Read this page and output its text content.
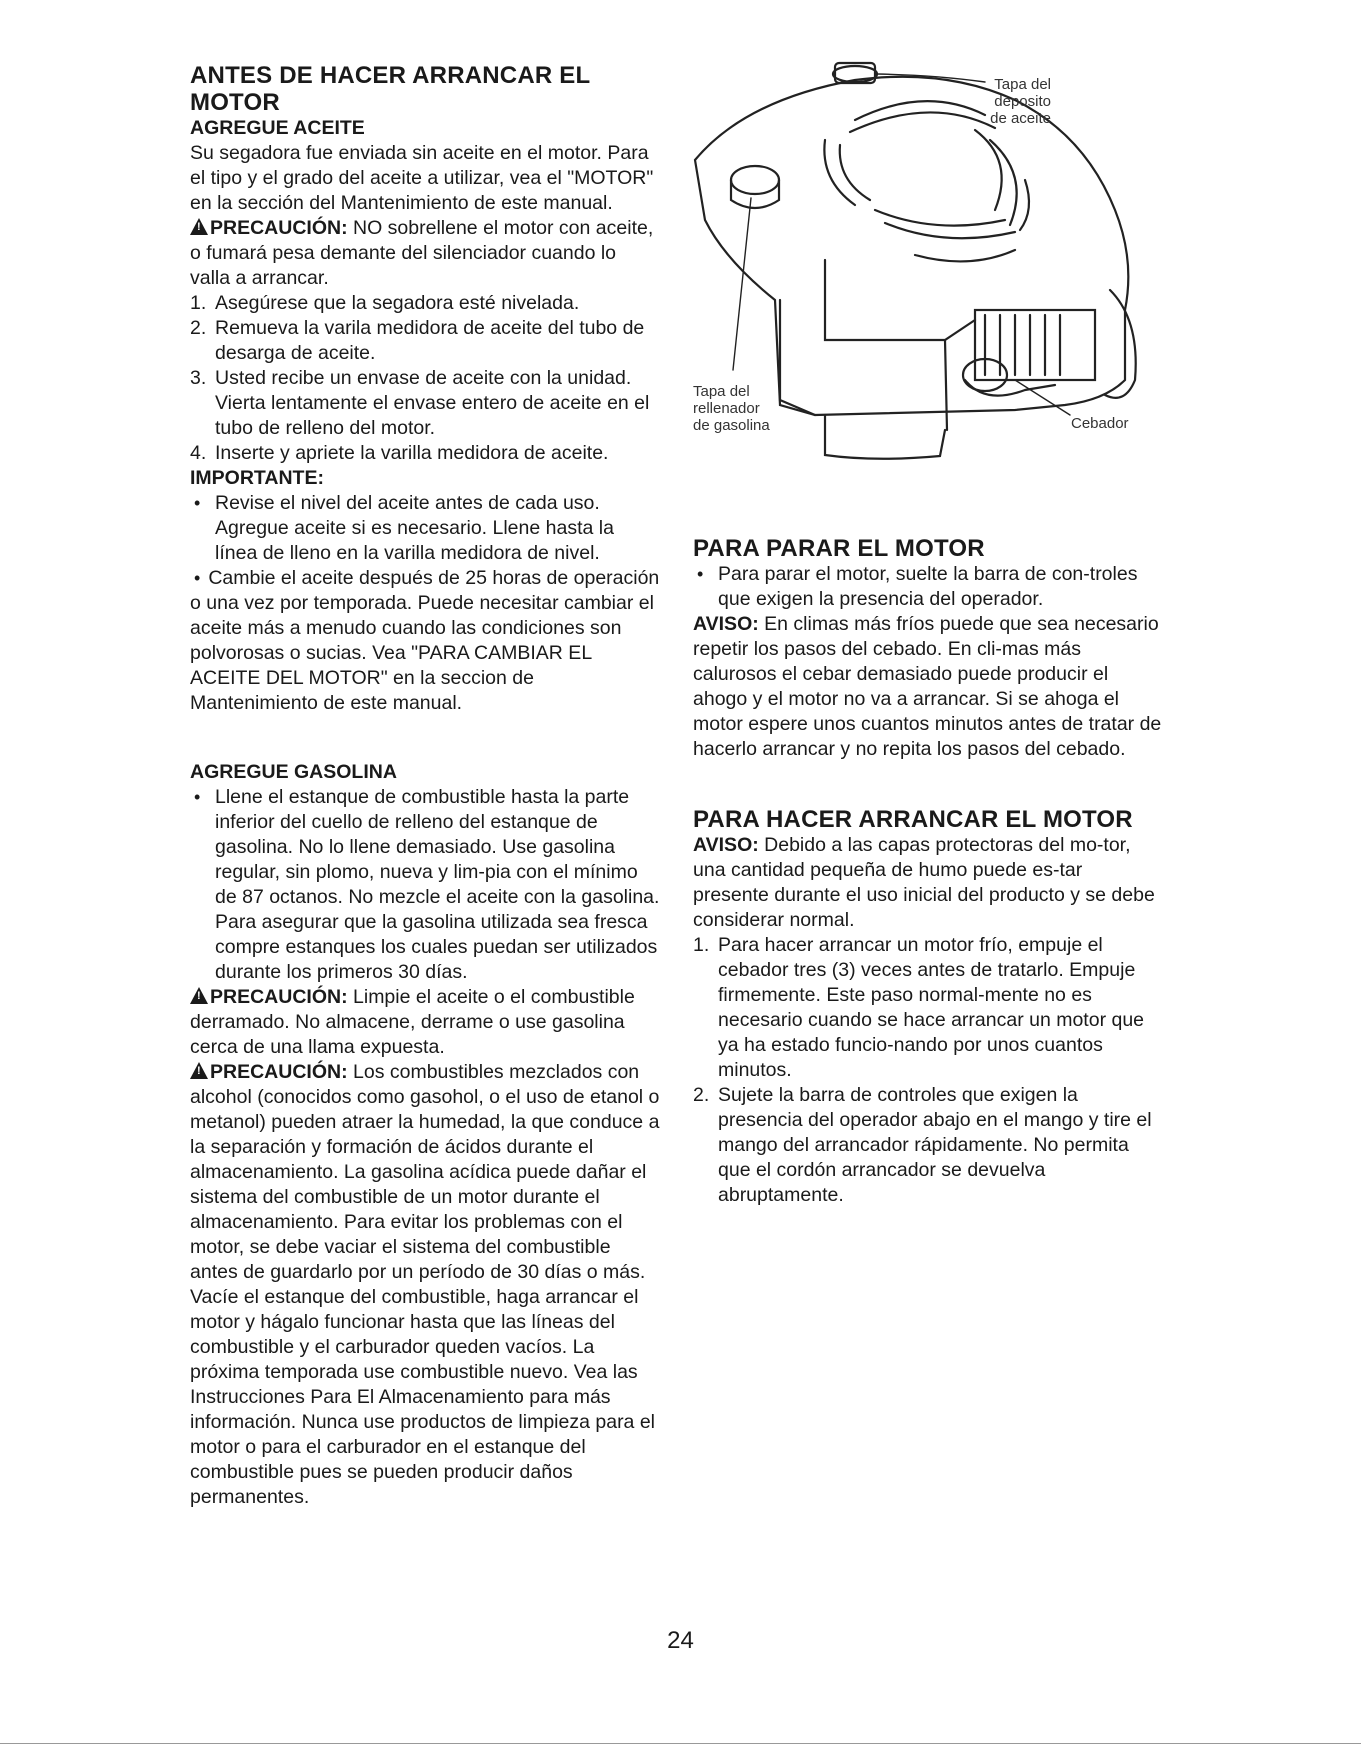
ANTES DE HACER ARRANCAR EL MOTOR
AGREGUE ACEITE

Su segadora fue enviada sin aceite en el motor. Para el tipo y el grado del aceite a utilizar, vea el "MOTOR" en la sección del Mantenimiento de este manual.

!PRECAUCIÓN: NO sobrellene el motor con aceite, o fumará pesa demante del silenciador cuando lo valla a arrancar.

1. Asegúrese que la segadora esté nivelada.
2. Remueva la varila medidora de aceite del tubo de desarga de aceite.
3. Usted recibe un envase de aceite con la unidad. Vierta lentamente el envase entero de aceite en el tubo de relleno del motor.
4. Inserte y apriete la varilla medidora de aceite.
IMPORTANTE:
• Revise el nivel del aceite antes de cada uso. Agregue aceite si es necesario. Llene hasta la línea de lleno en la varilla medidora de nivel.

• Cambie el aceite después de 25 horas de operación o una vez por temporada. Puede necesitar cambiar el aceite más a menudo cuando las condiciones son polvorosas o sucias. Vea "PARA CAMBIAR EL ACEITE DEL MOTOR" en la seccion de Mantenimiento de este manual.

AGREGUE GASOLINA
• Llene el estanque de combustible hasta la parte inferior del cuello de relleno del estanque de gasolina. No lo llene demasiado. Use gasolina regular, sin plomo, nueva y lim-pia con el mínimo de 87 octanos. No mezcle el aceite con la gasolina. Para asegurar que la gasolina utilizada sea fresca compre estanques los cuales puedan ser utilizados durante los primeros 30 días.

!PRECAUCIÓN: Limpie el aceite o el combustible derramado. No almacene, derrame o use gasolina cerca de una llama expuesta.

!PRECAUCIÓN: Los combustibles mezclados con alcohol (conocidos como gasohol, o el uso de etanol o metanol) pueden atraer la humedad, la que conduce a la separación y formación de ácidos durante el almacenamiento. La gasolina acídica puede dañar el sistema del combustible de un motor durante el almacenamiento. Para evitar los problemas con el motor, se debe vaciar el sistema del combustible antes de guardarlo por un período de 30 días o más. Vacíe el estanque del combustible, haga arrancar el motor y hágalo funcionar hasta que las líneas del combustible y el carburador queden vacíos. La próxima temporada use combustible nuevo. Vea las Instrucciones Para El Almacenamiento para más información. Nunca use productos de limpieza para el motor o para el carburador en el estanque del combustible pues se pueden producir daños permanentes.

Tapa del
deposito
de aceite
Tapa del
rellenador
de gasolina	Cebador
PARA PARAR EL MOTOR
• Para parar el motor, suelte la barra de con-troles que exigen la presencia del operador.

AVISO: En climas más fríos puede que sea necesario repetir los pasos del cebado. En cli-mas más calurosos el cebar demasiado puede producir el ahogo y el motor no va a arrancar. Si se ahoga el motor espere unos cuantos minutos antes de tratar de hacerlo arrancar y no repita los pasos del cebado.

PARA HACER ARRANCAR EL MOTOR

AVISO: Debido a las capas protectoras del mo-tor, una cantidad pequeña de humo puede es-tar presente durante el uso inicial del producto y se debe considerar normal.

1. Para hacer arrancar un motor frío, empuje el cebador tres (3) veces antes de tratarlo. Empuje firmemente. Este paso normal-mente no es necesario cuando se hace arrancar un motor que ya ha estado funcio-nando por unos cuantos minutos.
2. Sujete la barra de controles que exigen la presencia del operador abajo en el mango y tire el mango del arrancador rápidamente. No permita que el cordón arrancador se devuelva abruptamente.
24
